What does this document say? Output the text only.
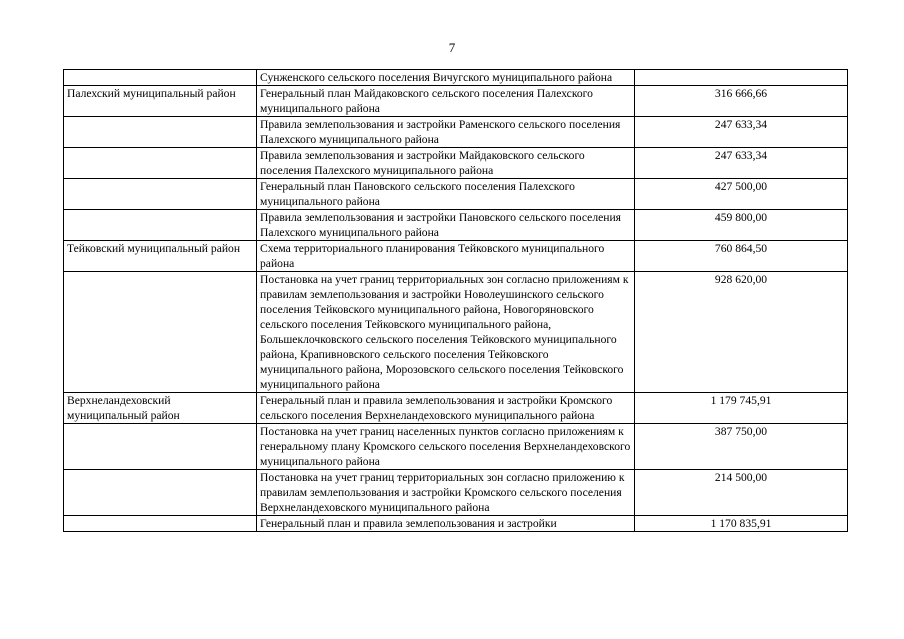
7
	Сунженского сельского поселения Вичугского муниципального района	
Палехский муниципальный район	Генеральный план Майдаковского сельского поселения Палехского муниципального района	316 666,66
	Правила землепользования и застройки Раменского сельского поселения Палехского муниципального района	247 633,34
	Правила землепользования и застройки Майдаковского сельского поселения Палехского муниципального района	247 633,34
	Генеральный план Пановского сельского поселения Палехского муниципального района	427 500,00
	Правила землепользования и застройки Пановского сельского поселения Палехского муниципального района	459 800,00
Тейковский муниципальный район	Схема территориального планирования Тейковского муниципального района	760 864,50
	Постановка на учет границ территориальных зон согласно приложениям к правилам землепользования и застройки Новолеушинского сельского поселения Тейковского муниципального района, Новогоряновского сельского поселения Тейковского муниципального района, Большеклочковского сельского поселения Тейковского муниципального района, Крапивновского сельского поселения Тейковского муниципального района, Морозовского сельского поселения Тейковского муниципального района	928 620,00
Верхнеландеховский муниципальный район	Генеральный план и правила землепользования и застройки Кромского сельского поселения Верхнеландеховского муниципального района	1 179 745,91
	Постановка на учет границ населенных пунктов согласно приложениям к генеральному плану Кромского сельского поселения Верхнеландеховского муниципального района	387 750,00
	Постановка на учет границ территориальных зон согласно приложению к правилам землепользования и застройки Кромского сельского поселения Верхнеландеховского муниципального района	214 500,00
	Генеральный план и правила землепользования и застройки	1 170 835,91
